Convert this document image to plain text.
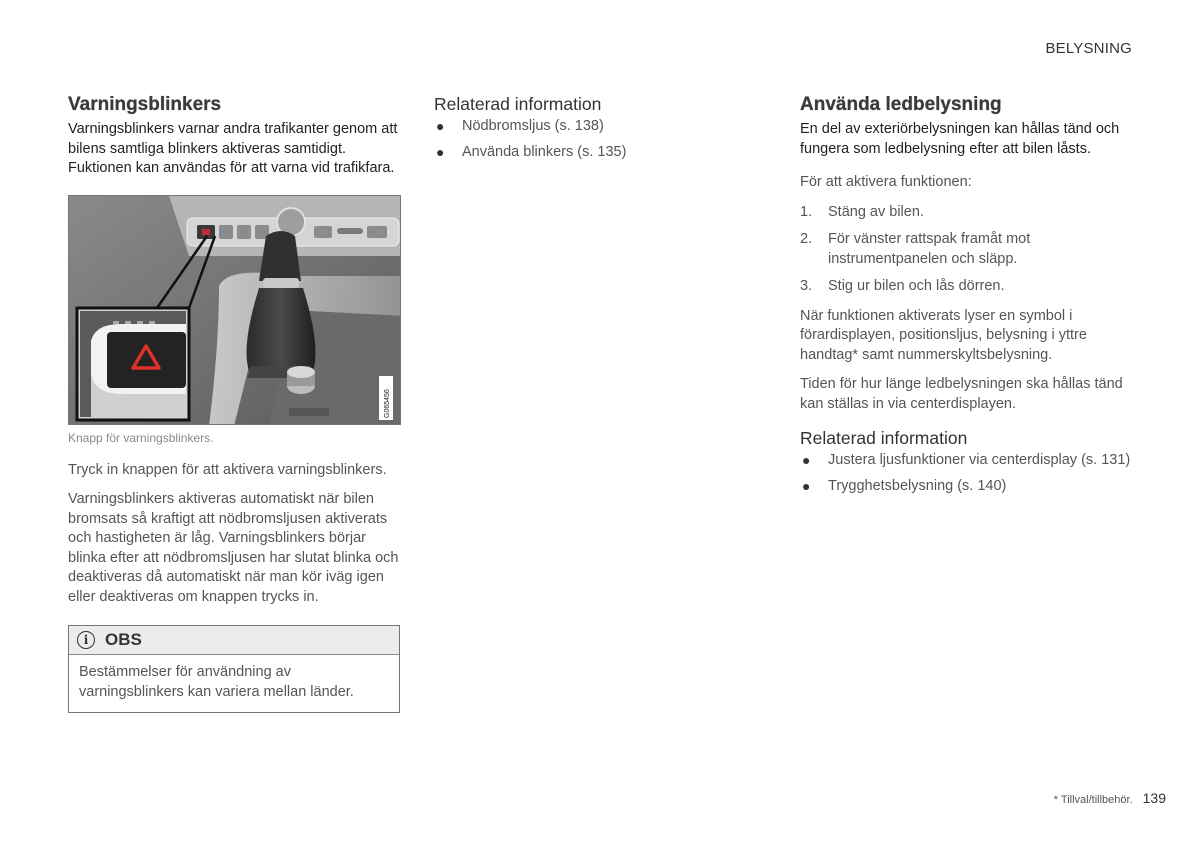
BELYSNING
Varningsblinkers

Varningsblinkers varnar andra trafikanter genom att bilens samtliga blinkers aktiveras samtidigt. Fuktionen kan användas för att varna vid trafikfara.

G065456
Knapp för varningsblinkers.

Tryck in knappen för att aktivera varningsblinkers.

Varningsblinkers aktiveras automatiskt när bilen bromsats så kraftigt att nödbromsljusen aktiverats och hastigheten är låg. Varningsblinkers börjar blinka efter att nödbromsljusen har slutat blinka och deaktiveras då automatiskt när man kör iväg igen eller deaktiveras om knappen trycks in.

i OBS
Bestämmelser för användning av varningsblinkers kan variera mellan länder.
Relaterad information
● Nödbromsljus (s. 138)
● Använda blinkers (s. 135)
Använda ledbelysning

En del av exteriörbelysningen kan hållas tänd och fungera som ledbelysning efter att bilen låsts.

För att aktivera funktionen:

1. Stäng av bilen.
2. För vänster rattspak framåt mot instrumentpanelen och släpp.
3. Stig ur bilen och lås dörren.

När funktionen aktiverats lyser en symbol i förardisplayen, positionsljus, belysning i yttre handtag* samt nummerskyltsbelysning.

Tiden för hur länge ledbelysningen ska hållas tänd kan ställas in via centerdisplayen.

Relaterad information
● Justera ljusfunktioner via centerdisplay (s. 131)
● Trygghetsbelysning (s. 140)
* Tillval/tillbehör. 139
